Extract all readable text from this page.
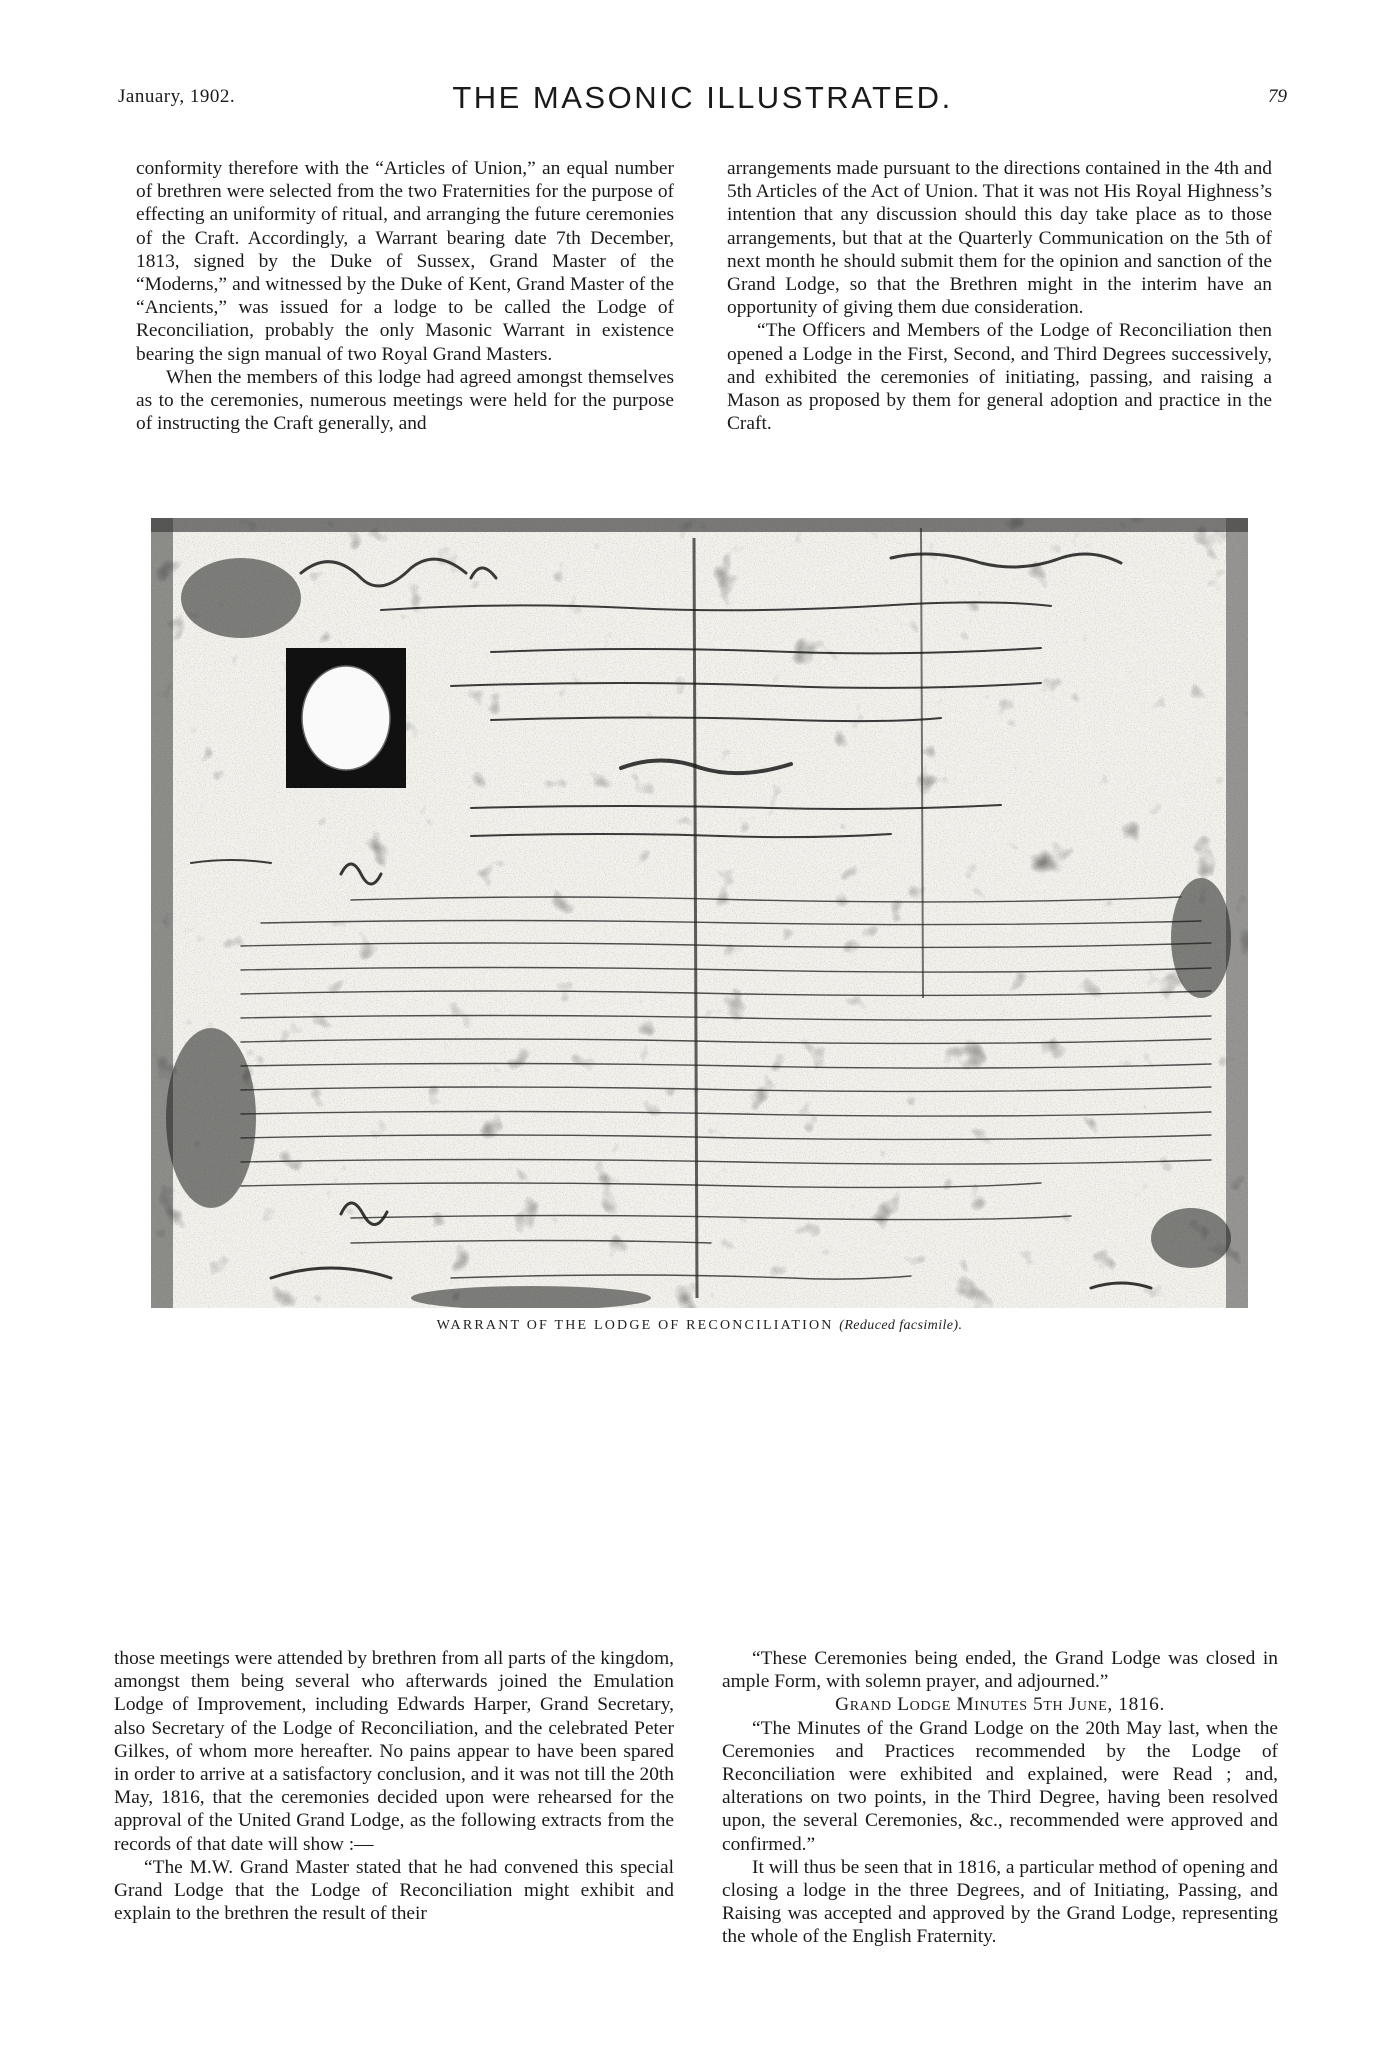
January, 1902.	THE MASONIC ILLUSTRATED.	79

conformity therefore with the “Articles of Union,” an equal number of brethren were selected from the two Fraternities for the purpose of effecting an uniformity of ritual, and arranging the future ceremonies of the Craft. Accordingly, a Warrant bearing date 7th December, 1813, signed by the Duke of Sussex, Grand Master of the “Moderns,” and witnessed by the Duke of Kent, Grand Master of the “Ancients,” was issued for a lodge to be called the Lodge of Reconciliation, probably the only Masonic Warrant in existence bearing the sign manual of two Royal Grand Masters.

When the members of this lodge had agreed amongst themselves as to the ceremonies, numerous meetings were held for the purpose of instructing the Craft generally, and

arrangements made pursuant to the directions contained in the 4th and 5th Articles of the Act of Union. That it was not His Royal Highness’s intention that any discussion should this day take place as to those arrangements, but that at the Quarterly Communication on the 5th of next month he should submit them for the opinion and sanction of the Grand Lodge, so that the Brethren might in the interim have an opportunity of giving them due consideration.

“The Officers and Members of the Lodge of Reconciliation then opened a Lodge in the First, Second, and Third Degrees successively, and exhibited the ceremonies of initiating, passing, and raising a Mason as proposed by them for general adoption and practice in the Craft.

WARRANT OF THE LODGE OF RECONCILIATION (Reduced facsimile).

those meetings were attended by brethren from all parts of the kingdom, amongst them being several who afterwards joined the Emulation Lodge of Improvement, including Edwards Harper, Grand Secretary, also Secretary of the Lodge of Reconciliation, and the celebrated Peter Gilkes, of whom more hereafter. No pains appear to have been spared in order to arrive at a satisfactory conclusion, and it was not till the 20th May, 1816, that the ceremonies decided upon were rehearsed for the approval of the United Grand Lodge, as the following extracts from the records of that date will show :—

“The M.W. Grand Master stated that he had convened this special Grand Lodge that the Lodge of Reconciliation might exhibit and explain to the brethren the result of their

“These Ceremonies being ended, the Grand Lodge was closed in ample Form, with solemn prayer, and adjourned.”

Grand Lodge Minutes 5th June, 1816.

“The Minutes of the Grand Lodge on the 20th May last, when the Ceremonies and Practices recommended by the Lodge of Reconciliation were exhibited and explained, were Read ; and, alterations on two points, in the Third Degree, having been resolved upon, the several Ceremonies, &c., recommended were approved and confirmed.”

It will thus be seen that in 1816, a particular method of opening and closing a lodge in the three Degrees, and of Initiating, Passing, and Raising was accepted and approved by the Grand Lodge, representing the whole of the English Fraternity.
